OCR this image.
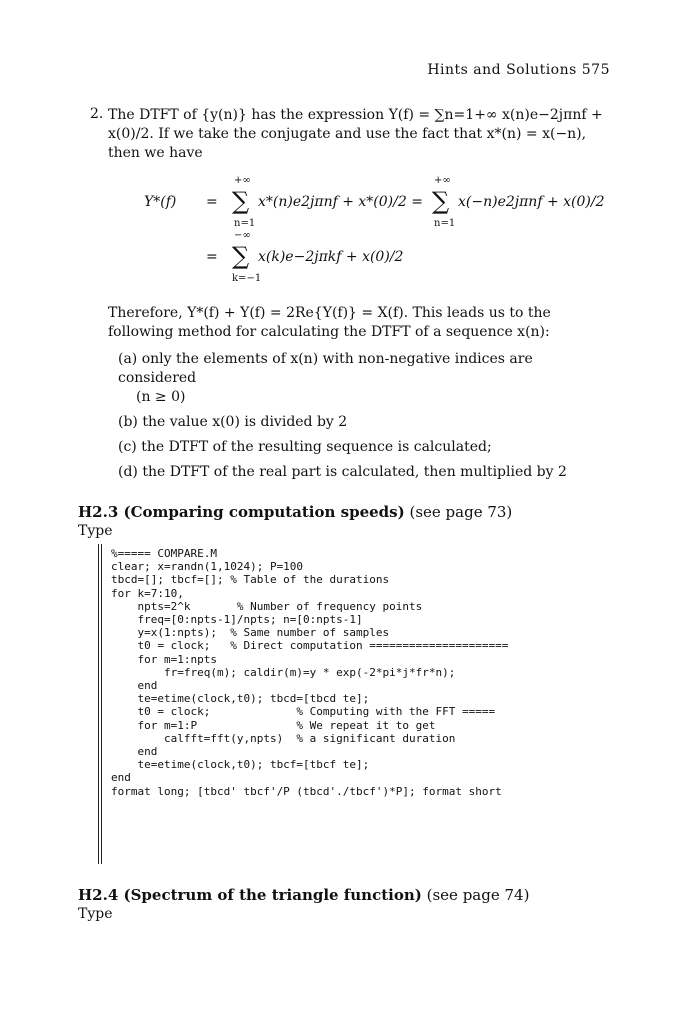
Hints and Solutions 575
2. The DTFT of {y(n)} has the expression Y(f) = ∑n=1+∞ x(n)e−2jπnf +
x(0)/2. If we take the conjugate and use the fact that x*(n) = x(−n),
then we have
Y*(f) =
+∞
∑
n=1
x*(n)e2jπnf + x*(0)/2 =
+∞
∑
n=1
x(−n)e2jπnf + x(0)/2
=
−∞
∑
k=−1
x(k)e−2jπkf + x(0)/2
Therefore, Y*(f) + Y(f) = 2Re{Y(f)} = X(f). This leads us to the
following method for calculating the DTFT of a sequence x(n):
(a) only the elements of x(n) with non-negative indices are considered
(n ≥ 0)
(b) the value x(0) is divided by 2
(c) the DTFT of the resulting sequence is calculated;
(d) the DTFT of the real part is calculated, then multiplied by 2
H2.3 (Comparing computation speeds) (see page 73)
Type
%===== COMPARE.M
clear; x=randn(1,1024); P=100
tbcd=[]; tbcf=[]; % Table of the durations
for k=7:10,
npts=2^k       % Number of frequency points
freq=[0:npts-1]/npts; n=[0:npts-1]
y=x(1:npts);  % Same number of samples
t0 = clock;   % Direct computation =====================
for m=1:npts
fr=freq(m); caldir(m)=y * exp(-2*pi*j*fr*n);
end
te=etime(clock,t0); tbcd=[tbcd te];
t0 = clock;             % Computing with the FFT =====
for m=1:P               % We repeat it to get
calfft=fft(y,npts)  % a significant duration
end
te=etime(clock,t0); tbcf=[tbcf te];
end
format long; [tbcd' tbcf'/P (tbcd'./tbcf')*P]; format short
H2.4 (Spectrum of the triangle function) (see page 74)
Type
